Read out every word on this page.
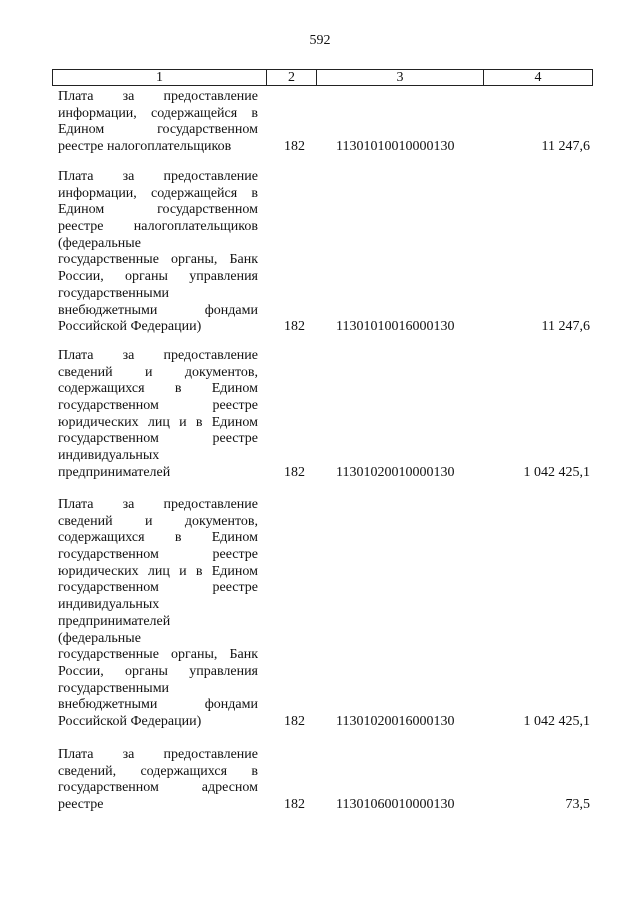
592
1	2	3	4
Плата за предоставление
информации, содержащейся в
Едином государственном
реестре налогоплательщиков	182 11301010010000130	11 247,6
Плата за предоставление
информации, содержащейся в
Едином государственном
реестре налогоплательщиков
(федеральные
государственные органы, Банк
России, органы управления
государственными
внебюджетными фондами
Российской Федерации)	182 11301010016000130	11 247,6
Плата за предоставление
сведений и документов,
содержащихся в Едином
государственном реестре
юридических лиц и в Едином
государственном реестре
индивидуальных
предпринимателей	182 11301020010000130	1 042 425,1
Плата за предоставление
сведений и документов,
содержащихся в Едином
государственном реестре
юридических лиц и в Едином
государственном реестре
индивидуальных
предпринимателей
(федеральные
государственные органы, Банк
России, органы управления
государственными
внебюджетными фондами
Российской Федерации)	182 11301020016000130	1 042 425,1
Плата за предоставление
сведений, содержащихся в
государственном адресном
реестре	182 11301060010000130	73,5
